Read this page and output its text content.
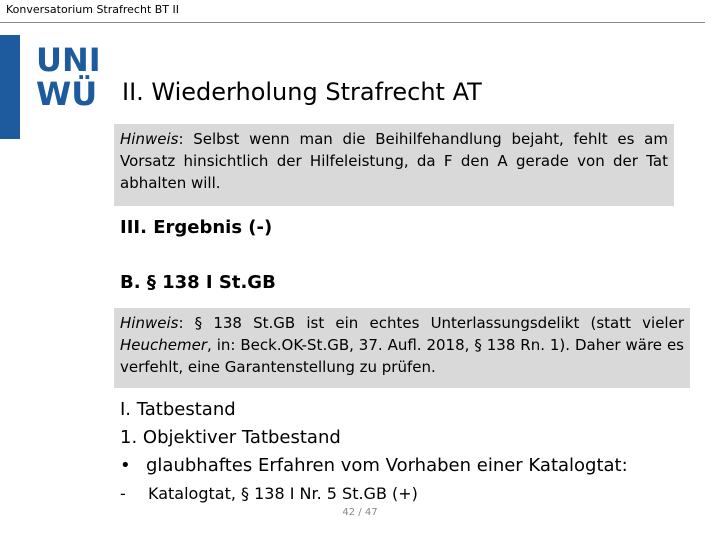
Konversatorium Strafrecht BT II
UNI
WÜ	II. Wiederholung Strafrecht AT
Hinweis: Selbst wenn man die Beihilfehandlung bejaht, fehlt es am Vorsatz hinsichtlich der Hilfeleistung, da F den A gerade von der Tat abhalten will.
III. Ergebnis (-)
B. § 138 I St.GB
Hinweis: § 138 St.GB ist ein echtes Unterlassungsdelikt (statt vieler Heuchemer, in: Beck.OK-St.GB, 37. Aufl. 2018, § 138 Rn. 1). Daher wäre es verfehlt, eine Garantenstellung zu prüfen.
I. Tatbestand
1. Objektiver Tatbestand
• glaubhaftes Erfahren vom Vorhaben einer Katalogtat:
-	Katalogtat, § 138 I Nr. 5 St.GB (+)
42 / 47
